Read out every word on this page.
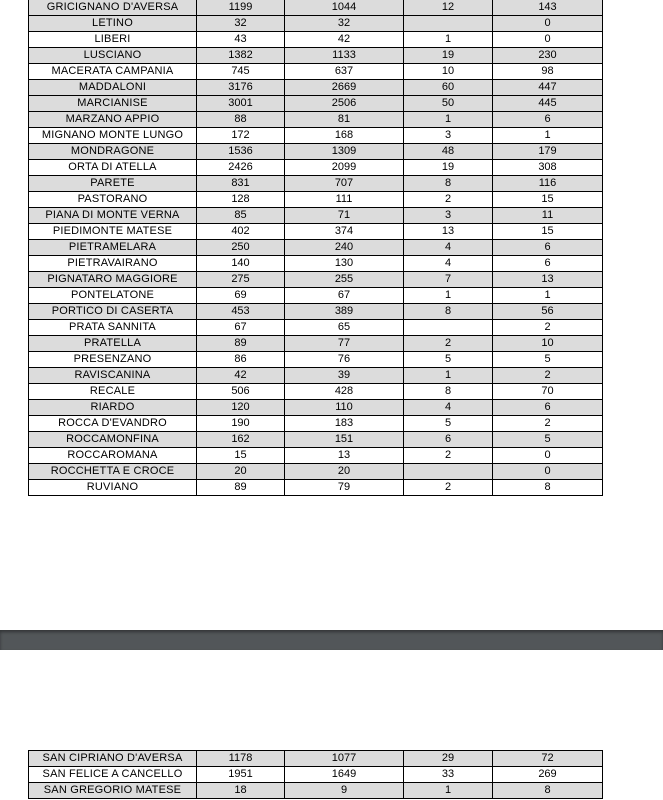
GRICIGNANO D'AVERSA	1199	1044	12	143
LETINO	32	32		0
LIBERI	43	42	1	0
LUSCIANO	1382	1133	19	230
MACERATA CAMPANIA	745	637	10	98
MADDALONI	3176	2669	60	447
MARCIANISE	3001	2506	50	445
MARZANO APPIO	88	81	1	6
MIGNANO MONTE LUNGO	172	168	3	1
MONDRAGONE	1536	1309	48	179
ORTA DI ATELLA	2426	2099	19	308
PARETE	831	707	8	116
PASTORANO	128	111	2	15
PIANA DI MONTE VERNA	85	71	3	11
PIEDIMONTE MATESE	402	374	13	15
PIETRAMELARA	250	240	4	6
PIETRAVAIRANO	140	130	4	6
PIGNATARO MAGGIORE	275	255	7	13
PONTELATONE	69	67	1	1
PORTICO DI CASERTA	453	389	8	56
PRATA SANNITA	67	65		2
PRATELLA	89	77	2	10
PRESENZANO	86	76	5	5
RAVISCANINA	42	39	1	2
RECALE	506	428	8	70
RIARDO	120	110	4	6
ROCCA D'EVANDRO	190	183	5	2
ROCCAMONFINA	162	151	6	5
ROCCAROMANA	15	13	2	0
ROCCHETTA E CROCE	20	20		0
RUVIANO	89	79	2	8
SAN CIPRIANO D'AVERSA	1178	1077	29	72
SAN FELICE A CANCELLO	1951	1649	33	269
SAN GREGORIO MATESE	18	9	1	8
